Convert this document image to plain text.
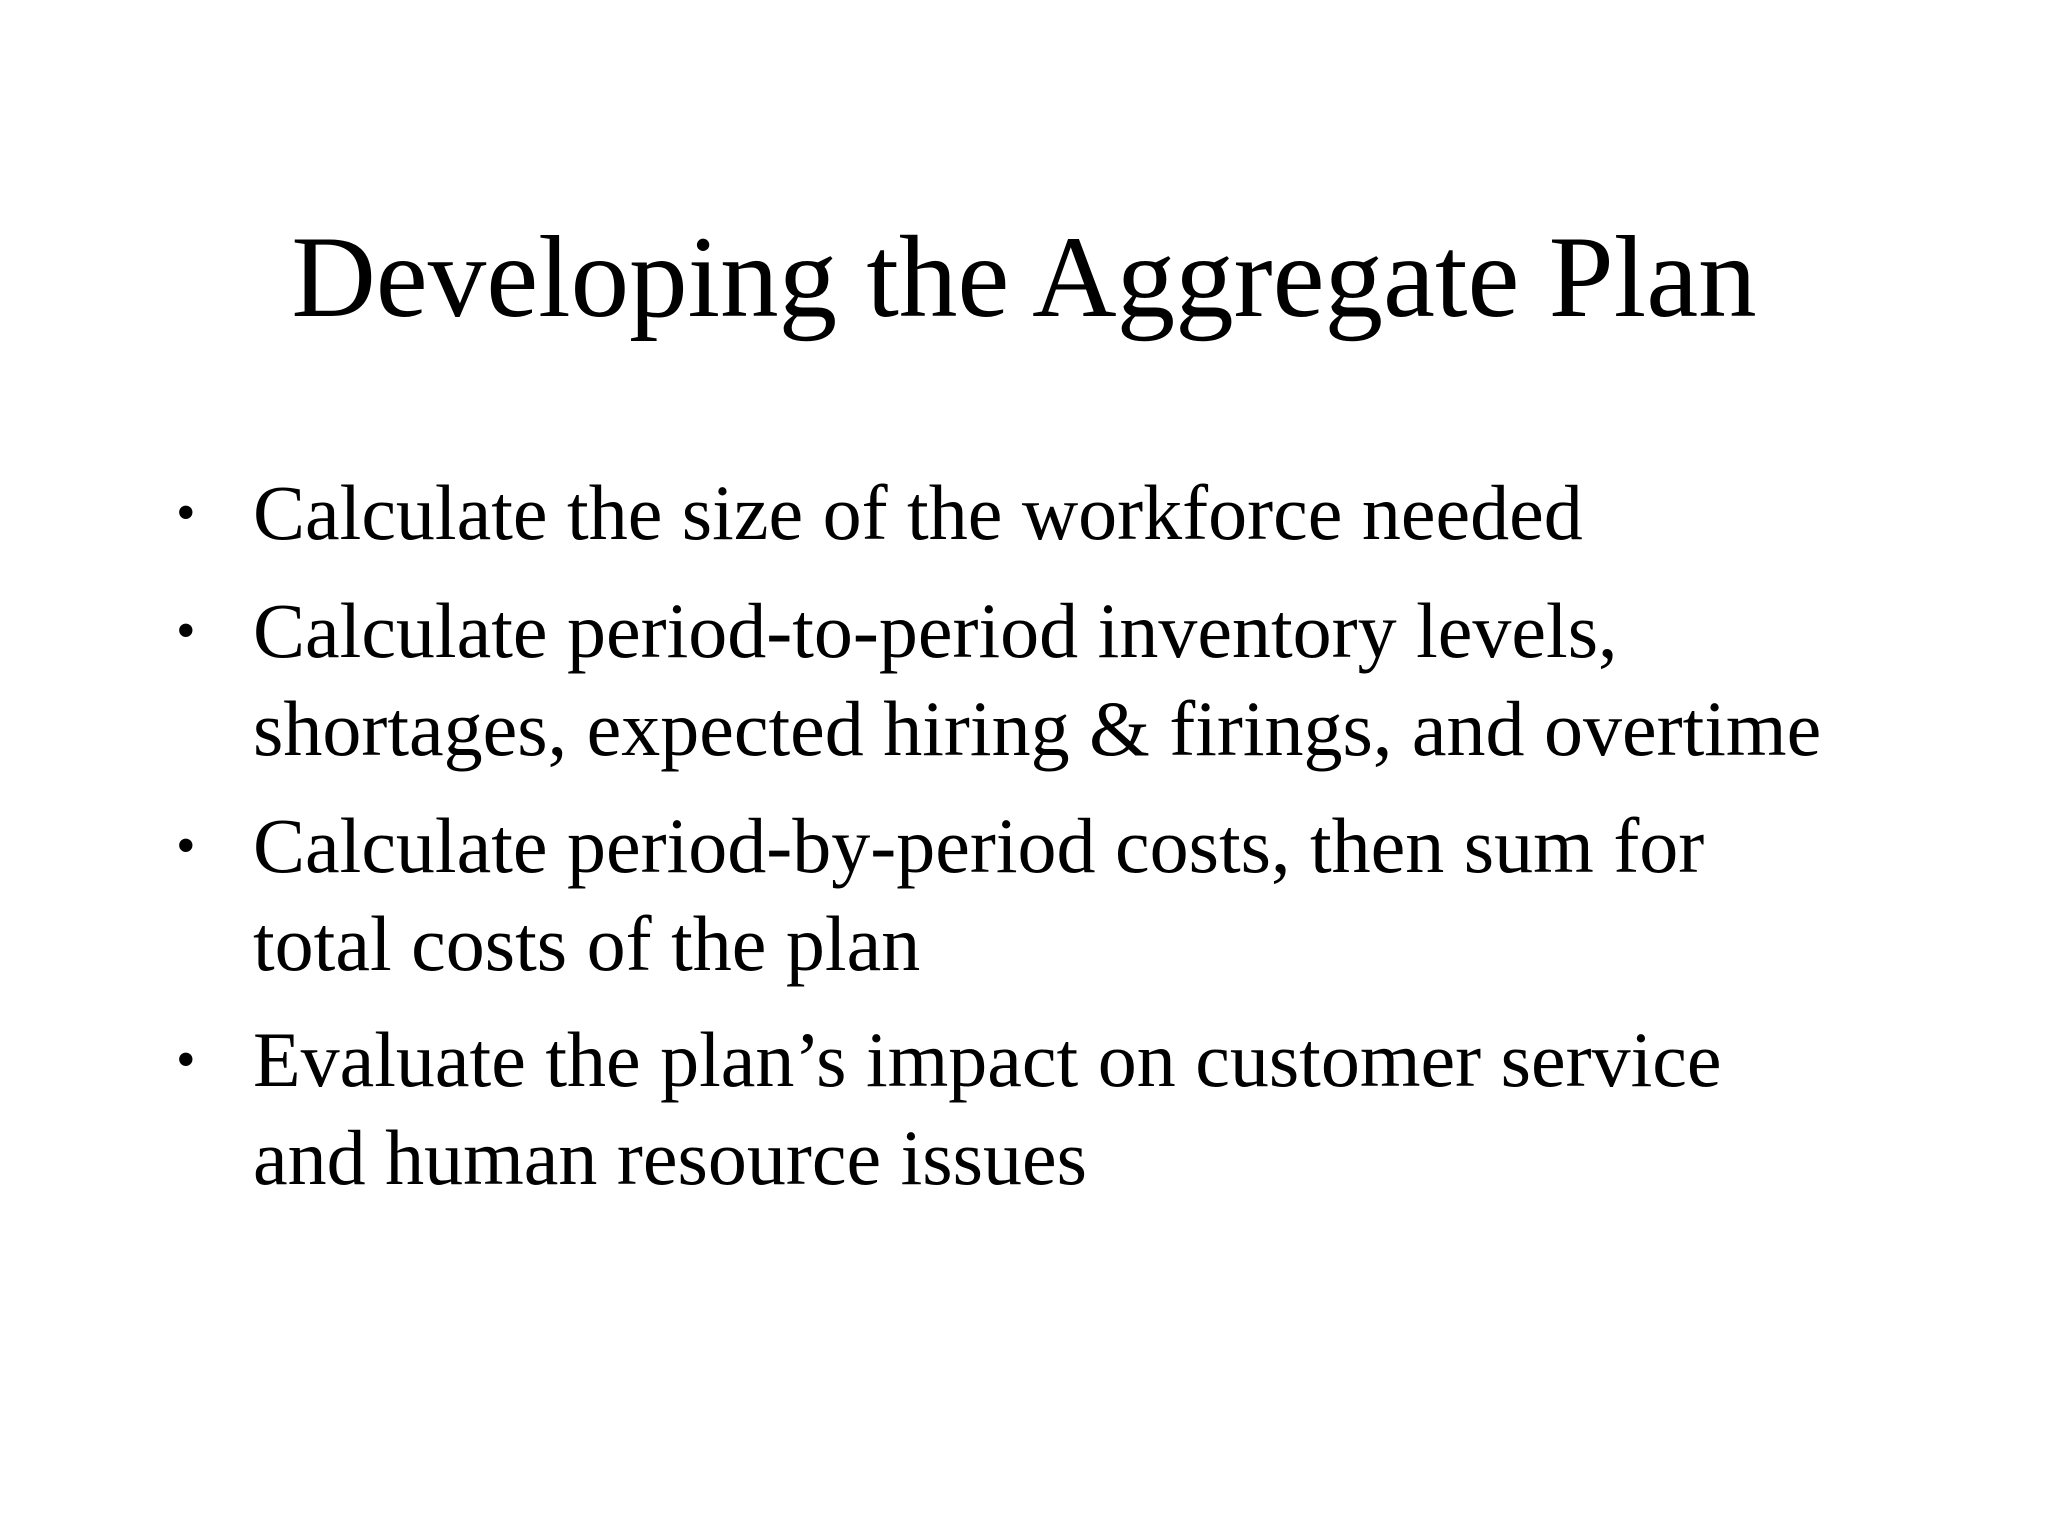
Developing the Aggregate Plan
• Calculate the size of the workforce needed
• Calculate period-to-period inventory levels,
shortages, expected hiring & firings, and overtime
• Calculate period-by-period costs, then sum for
total costs of the plan
• Evaluate the plan’s impact on customer service
and human resource issues
